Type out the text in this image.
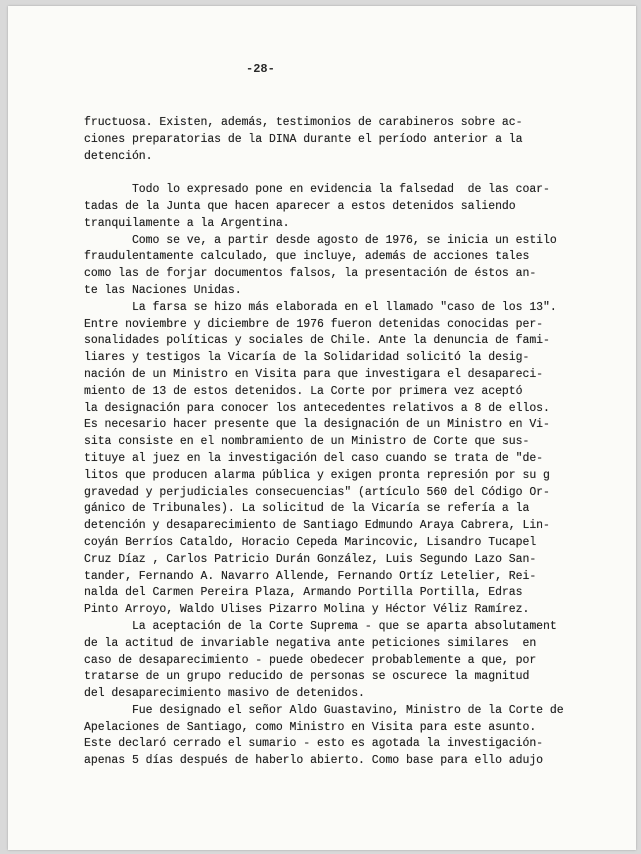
-28-
fructuosa. Existen, además, testimonios de carabineros sobre ac-
ciones preparatorias de la DINA durante el período anterior a la
detención.
Todo lo expresado pone en evidencia la falsedad  de las coar-
tadas de la Junta que hacen aparecer a estos detenidos saliendo
tranquilamente a la Argentina.
Como se ve, a partir desde agosto de 1976, se inicia un estilo
fraudulentamente calculado, que incluye, además de acciones tales
como las de forjar documentos falsos, la presentación de éstos an-
te las Naciones Unidas.
La farsa se hizo más elaborada en el llamado "caso de los 13".
Entre noviembre y diciembre de 1976 fueron detenidas conocidas per-
sonalidades políticas y sociales de Chile. Ante la denuncia de fami-
liares y testigos la Vicaría de la Solidaridad solicitó la desig-
nación de un Ministro en Visita para que investigara el desapareci-
miento de 13 de estos detenidos. La Corte por primera vez aceptó
la designación para conocer los antecedentes relativos a 8 de ellos.
Es necesario hacer presente que la designación de un Ministro en Vi-
sita consiste en el nombramiento de un Ministro de Corte que sus-
tituye al juez en la investigación del caso cuando se trata de "de-
litos que producen alarma pública y exigen pronta represión por su g
gravedad y perjudiciales consecuencias" (artículo 560 del Código Or-
gánico de Tribunales). La solicitud de la Vicaría se refería a la
detención y desaparecimiento de Santiago Edmundo Araya Cabrera, Lin-
coyán Berríos Cataldo, Horacio Cepeda Marincovic, Lisandro Tucapel
Cruz Díaz , Carlos Patricio Durán González, Luis Segundo Lazo San-
tander, Fernando A. Navarro Allende, Fernando Ortíz Letelier, Rei-
nalda del Carmen Pereira Plaza, Armando Portilla Portilla, Edras
Pinto Arroyo, Waldo Ulises Pizarro Molina y Héctor Véliz Ramírez.
La aceptación de la Corte Suprema - que se aparta absolutament
de la actitud de invariable negativa ante peticiones similares  en
caso de desaparecimiento - puede obedecer probablemente a que, por
tratarse de un grupo reducido de personas se oscurece la magnitud
del desaparecimiento masivo de detenidos.
Fue designado el señor Aldo Guastavino, Ministro de la Corte de
Apelaciones de Santiago, como Ministro en Visita para este asunto.
Este declaró cerrado el sumario - esto es agotada la investigación-
apenas 5 días después de haberlo abierto. Como base para ello adujo
